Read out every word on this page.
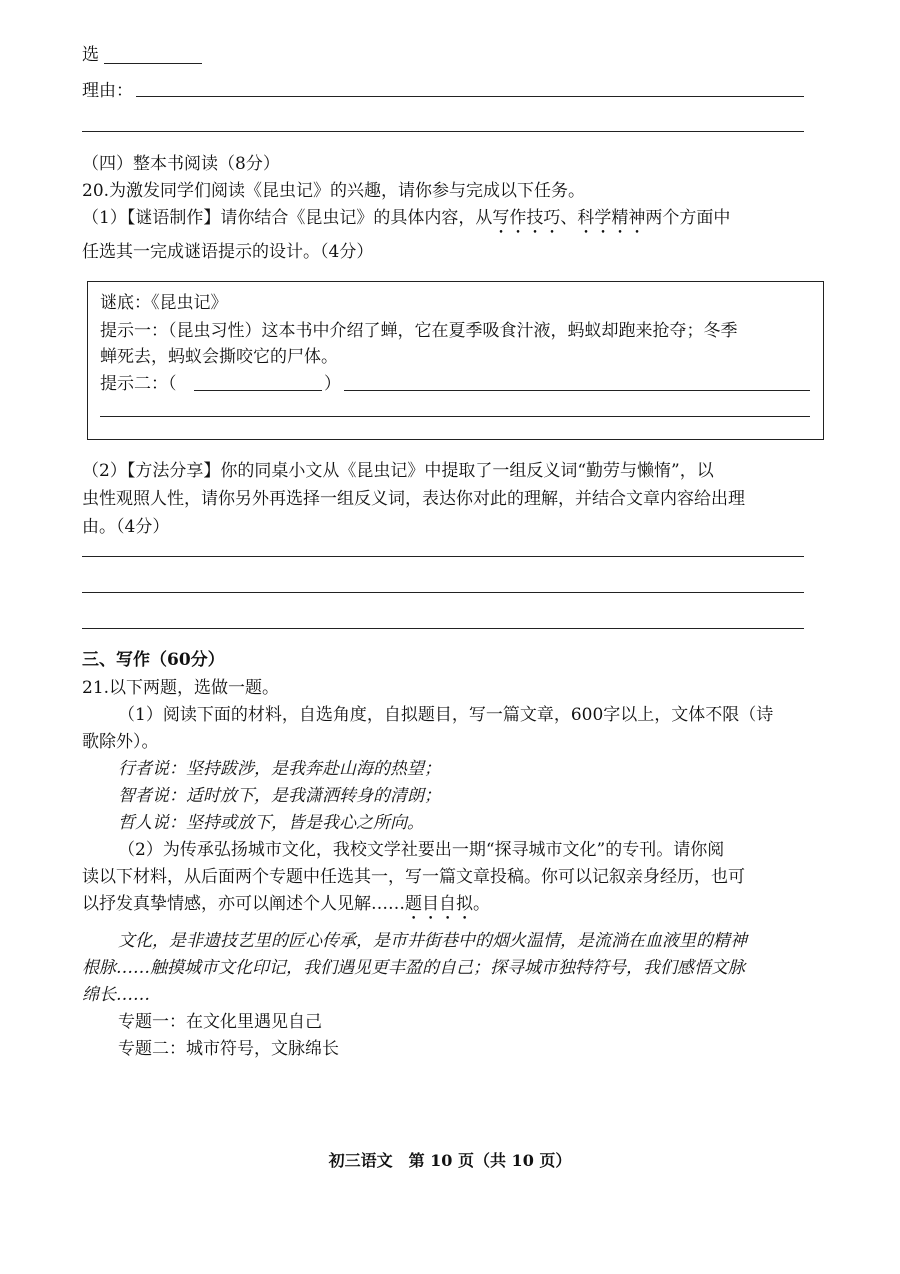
选
理由：
（四）整本书阅读（8分）
20.为激发同学们阅读《昆虫记》的兴趣，请你参与完成以下任务。
（1）【谜语制作】请你结合《昆虫记》的具体内容，从写作技巧、科学精神两个方面中
任选其一完成谜语提示的设计。（4分）
谜底：《昆虫记》
提示一：（昆虫习性）这本书中介绍了蝉，它在夏季吸食汁液，蚂蚁却跑来抢夺；冬季
蝉死去，蚂蚁会撕咬它的尸体。
提示二：（	）
（2）【方法分享】你的同桌小文从《昆虫记》中提取了一组反义词“勤劳与懒惰”，以
虫性观照人性，请你另外再选择一组反义词，表达你对此的理解，并结合文章内容给出理
由。（4分）
三、写作（60分）
21.以下两题，选做一题。
（1）阅读下面的材料，自选角度，自拟题目，写一篇文章，600字以上，文体不限（诗
歌除外）。
行者说：坚持跋涉，是我奔赴山海的热望；
智者说：适时放下，是我潇洒转身的清朗；
哲人说：坚持或放下，皆是我心之所向。
（2）为传承弘扬城市文化，我校文学社要出一期“探寻城市文化”的专刊。请你阅
读以下材料，从后面两个专题中任选其一，写一篇文章投稿。你可以记叙亲身经历，也可
以抒发真挚情感，亦可以阐述个人见解……题目自拟。
文化，是非遗技艺里的匠心传承，是市井街巷中的烟火温情，是流淌在血液里的精神
根脉……触摸城市文化印记，我们遇见更丰盈的自己；探寻城市独特符号，我们感悟文脉
绵长……
专题一：在文化里遇见自己
专题二：城市符号，文脉绵长
初三语文　第 10 页（共 10 页）
